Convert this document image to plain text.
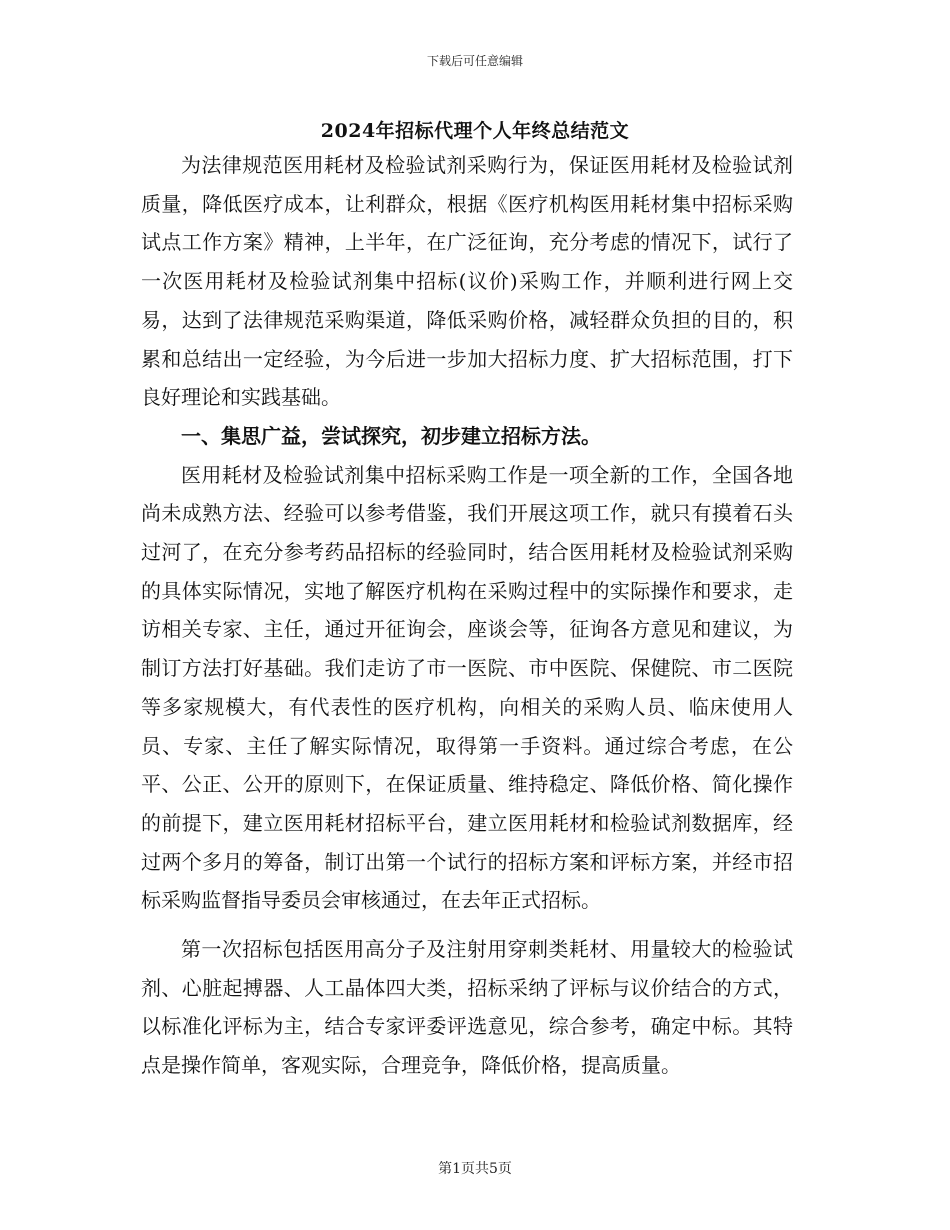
下载后可任意编辑
2024年招标代理个人年终总结范文

为法律规范医用耗材及检验试剂采购行为，保证医用耗材及检验试剂质量，降低医疗成本，让利群众，根据《医疗机构医用耗材集中招标采购试点工作方案》精神，上半年，在广泛征询，充分考虑的情况下，试行了一次医用耗材及检验试剂集中招标(议价)采购工作，并顺利进行网上交易，达到了法律规范采购渠道，降低采购价格，减轻群众负担的目的，积累和总结出一定经验，为今后进一步加大招标力度、扩大招标范围，打下良好理论和实践基础。

一、集思广益，尝试探究，初步建立招标方法。

医用耗材及检验试剂集中招标采购工作是一项全新的工作，全国各地尚未成熟方法、经验可以参考借鉴，我们开展这项工作，就只有摸着石头过河了，在充分参考药品招标的经验同时，结合医用耗材及检验试剂采购的具体实际情况，实地了解医疗机构在采购过程中的实际操作和要求，走访相关专家、主任，通过开征询会，座谈会等，征询各方意见和建议，为制订方法打好基础。我们走访了市一医院、市中医院、保健院、市二医院等多家规模大，有代表性的医疗机构，向相关的采购人员、临床使用人员、专家、主任了解实际情况，取得第一手资料。通过综合考虑，在公平、公正、公开的原则下，在保证质量、维持稳定、降低价格、简化操作的前提下，建立医用耗材招标平台，建立医用耗材和检验试剂数据库，经过两个多月的筹备，制订出第一个试行的招标方案和评标方案，并经市招标采购监督指导委员会审核通过，在去年正式招标。

第一次招标包括医用高分子及注射用穿刺类耗材、用量较大的检验试剂、心脏起搏器、人工晶体四大类，招标采纳了评标与议价结合的方式，以标准化评标为主，结合专家评委评选意见，综合参考，确定中标。其特点是操作简单，客观实际，合理竞争，降低价格，提高质量。

第1页共5页
